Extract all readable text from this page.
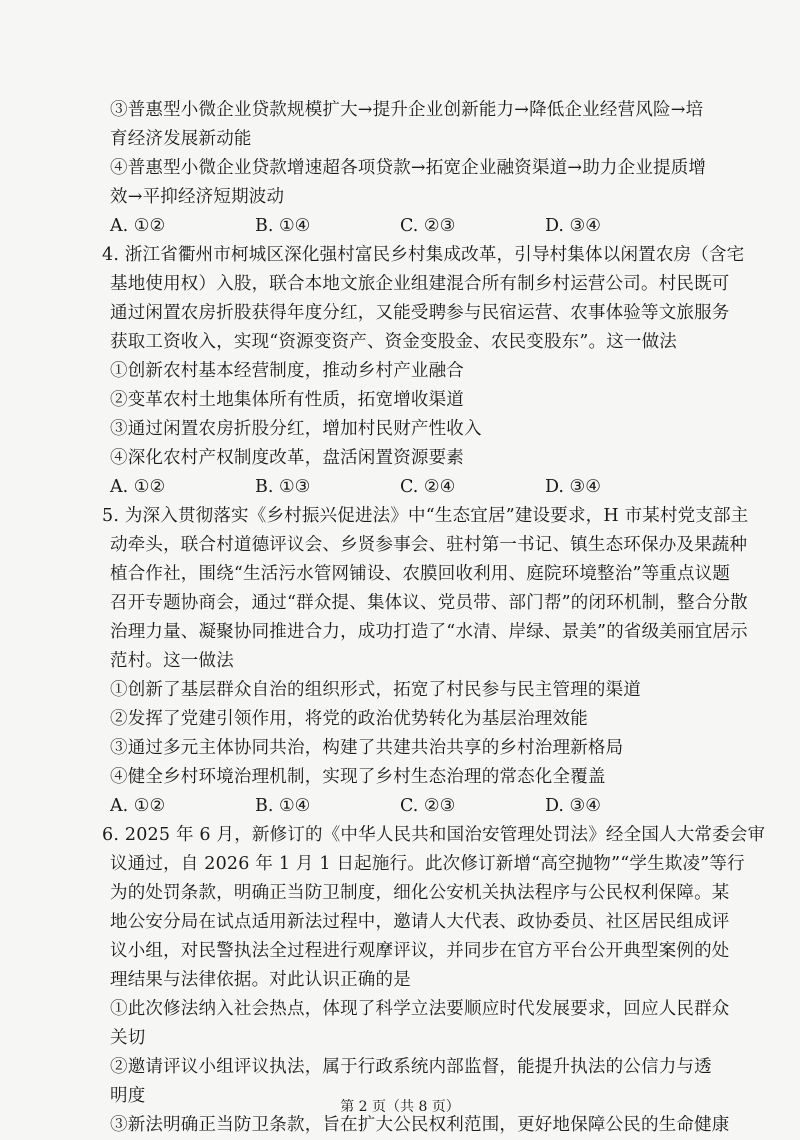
③普惠型小微企业贷款规模扩大→提升企业创新能力→降低企业经营风险→培
育经济发展新动能
④普惠型小微企业贷款增速超各项贷款→拓宽企业融资渠道→助力企业提质增
效→平抑经济短期波动
A. ①②	B. ①④	C. ②③	D. ③④
4. 浙江省衢州市柯城区深化强村富民乡村集成改革，引导村集体以闲置农房（含宅
基地使用权）入股，联合本地文旅企业组建混合所有制乡村运营公司。村民既可
通过闲置农房折股获得年度分红，又能受聘参与民宿运营、农事体验等文旅服务
获取工资收入，实现“资源变资产、资金变股金、农民变股东”。这一做法
①创新农村基本经营制度，推动乡村产业融合
②变革农村土地集体所有性质，拓宽增收渠道
③通过闲置农房折股分红，增加村民财产性收入
④深化农村产权制度改革，盘活闲置资源要素
A. ①②	B. ①③	C. ②④	D. ③④
5. 为深入贯彻落实《乡村振兴促进法》中“生态宜居”建设要求，H 市某村党支部主
动牵头，联合村道德评议会、乡贤参事会、驻村第一书记、镇生态环保办及果蔬种
植合作社，围绕“生活污水管网铺设、农膜回收利用、庭院环境整治”等重点议题
召开专题协商会，通过“群众提、集体议、党员带、部门帮”的闭环机制，整合分散
治理力量、凝聚协同推进合力，成功打造了“水清、岸绿、景美”的省级美丽宜居示
范村。这一做法
①创新了基层群众自治的组织形式，拓宽了村民参与民主管理的渠道
②发挥了党建引领作用，将党的政治优势转化为基层治理效能
③通过多元主体协同共治，构建了共建共治共享的乡村治理新格局
④健全乡村环境治理机制，实现了乡村生态治理的常态化全覆盖
A. ①②	B. ①④	C. ②③	D. ③④
6. 2025 年 6 月，新修订的《中华人民共和国治安管理处罚法》经全国人大常委会审
议通过，自 2026 年 1 月 1 日起施行。此次修订新增“高空抛物”“学生欺凌”等行
为的处罚条款，明确正当防卫制度，细化公安机关执法程序与公民权利保障。某
地公安分局在试点适用新法过程中，邀请人大代表、政协委员、社区居民组成评
议小组，对民警执法全过程进行观摩评议，并同步在官方平台公开典型案例的处
理结果与法律依据。对此认识正确的是
①此次修法纳入社会热点，体现了科学立法要顺应时代发展要求，回应人民群众
关切
②邀请评议小组评议执法，属于行政系统内部监督，能提升执法的公信力与透
明度
③新法明确正当防卫条款，旨在扩大公民权利范围，更好地保障公民的生命健康
第 2 页（共 8 页）
